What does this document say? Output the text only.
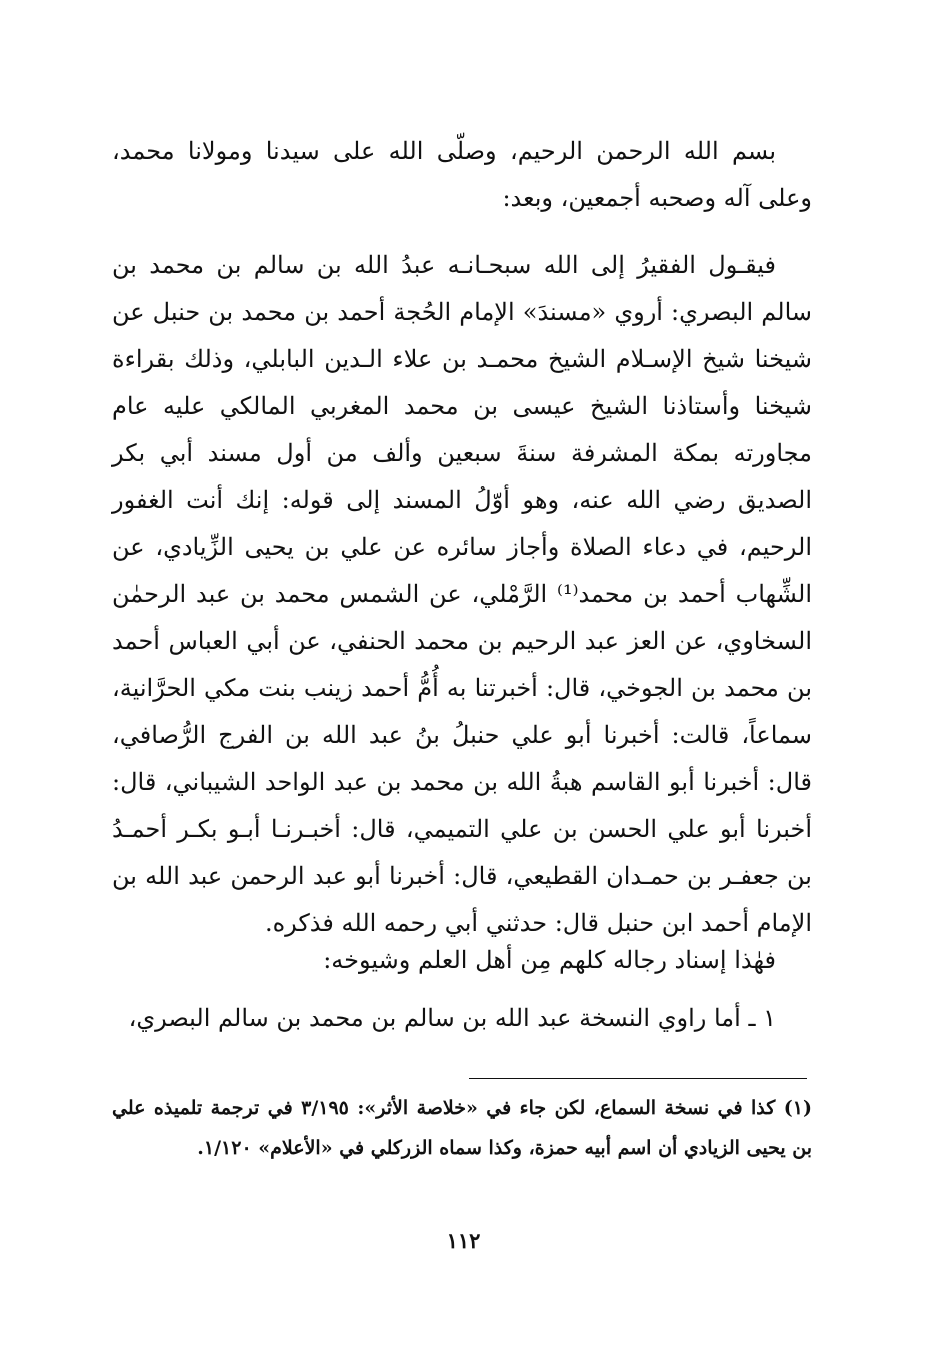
بسم الله الرحمن الرحيم، وصلّى الله على سيدنا ومولانا محمد، وعلى آله وصحبه أجمعين، وبعد:

فيقـول الفقيرُ إلى الله سبحـانـه عبدُ الله بن سالم بن محمد بن سالم البصري: أروي «مسندَ» الإمام الحُجة أحمد بن محمد بن حنبل عن شيخنا شيخ الإسـلام الشيخ محمـد بن علاء الـدين البابلي، وذلك بقراءة شيخنا وأستاذنا الشيخ عيسى بن محمد المغربي المالكي عليه عام مجاورته بمكة المشرفة سنةَ سبعين وألف من أول مسند أبي بكر الصديق رضي الله عنه، وهو أوّلُ المسند إلى قوله: إنك أنت الغفور الرحيم، في دعاء الصلاة وأجاز سائره عن علي بن يحيى الزِّيادي، عن الشِّهاب أحمد بن محمد⁽¹⁾ الرَّمْلي، عن الشمس محمد بن عبد الرحمٰن السخاوي، عن العز عبد الرحيم بن محمد الحنفي، عن أبي العباس أحمد بن محمد بن الجوخي، قال: أخبرتنا به أُمُّ أحمد زينب بنت مكي الحرَّانية، سماعاً، قالت: أخبرنا أبو علي حنبلُ بنُ عبد الله بن الفرج الرُّصافي، قال: أخبرنا أبو القاسم هبةُ الله بن محمد بن عبد الواحد الشيباني، قال: أخبرنا أبو علي الحسن بن علي التميمي، قال: أخبـرنـا أبـو بكـر أحمـدُ بن جعفـر بن حمـدان القطيعي، قال: أخبرنا أبو عبد الرحمن عبد الله بن الإمام أحمد ابن حنبل قال: حدثني أبي رحمه الله فذكره.

فهٰذا إسناد رجاله كلهم مِن أهل العلم وشيوخه:

١ ـ أما راوي النسخة عبد الله بن سالم بن محمد بن سالم البصري،

(١) كذا في نسخة السماع، لكن جاء في «خلاصة الأثر»: ٣/١٩٥ في ترجمة تلميذه علي بن يحيى الزيادي أن اسم أبيه حمزة، وكذا سماه الزركلي في «الأعلام» ١/١٢٠.

١١٢
